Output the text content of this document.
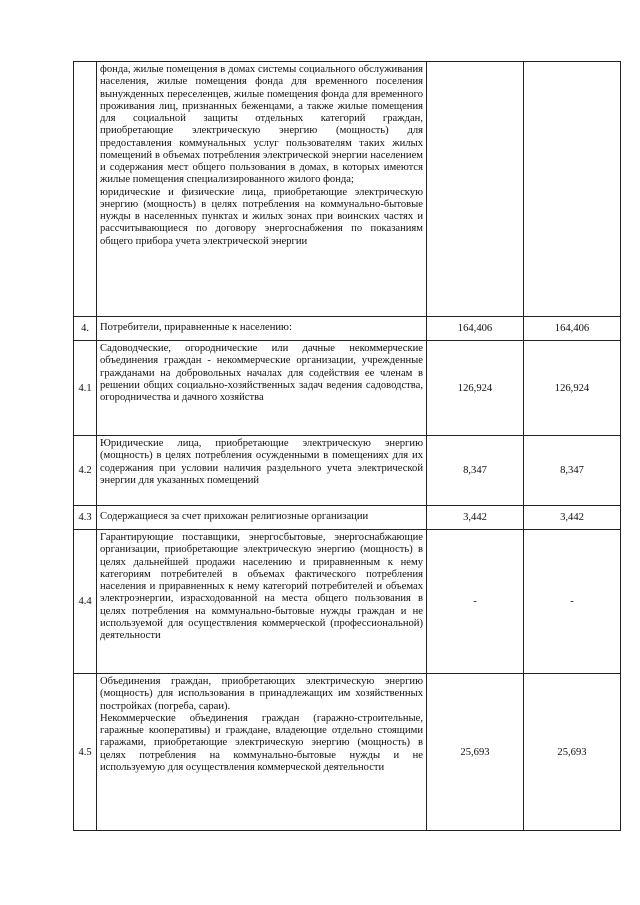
	фонда, жилые помещения в домах системы социального обслуживания населения, жилые помещения фонда для временного поселения вынужденных переселенцев, жилые помещения фонда для временного проживания лиц, признанных беженцами, а также жилые помещения для социальной защиты отдельных категорий граждан, приобретающие электрическую энергию (мощность) для предоставления коммунальных услуг пользователям таких жилых помещений в объемах потребления электрической энергии населением и содержания мест общего пользования в домах, в которых имеются жилые помещения специализированного жилого фонда;
юридические и физические лица, приобретающие электрическую энергию (мощность) в целях потребления на коммунально-бытовые нужды в населенных пунктах и жилых зонах при воинских частях и рассчитывающиеся по договору энергоснабжения по показаниям общего прибора учета электрической энергии		

4.	Потребители, приравненные к населению:	164,406	164,406
4.1	Садоводческие, огороднические или дачные некоммерческие объединения граждан - некоммерческие организации, учрежденные гражданами на добровольных началах для содействия ее членам в решении общих социально-хозяйственных задач ведения садоводства, огородничества и дачного хозяйства	126,924	126,924
4.2	Юридические лица, приобретающие электрическую энергию (мощность) в целях потребления осужденными в помещениях для их содержания при условии наличия раздельного учета электрической энергии для указанных помещений	8,347	8,347
4.3	Содержащиеся за счет прихожан религиозные организации	3,442	3,442
4.4	Гарантирующие поставщики, энергосбытовые, энергоснабжающие организации, приобретающие электрическую энергию (мощность) в целях дальнейшей продажи населению и приравненным к нему категориям потребителей в объемах фактического потребления населения и приравненных к нему категорий потребителей и объемах электроэнергии, израсходованной на места общего пользования в целях потребления на коммунально-бытовые нужды граждан и не используемой для осуществления коммерческой (профессиональной) деятельности	-	-
4.5	Объединения граждан, приобретающих электрическую энергию (мощность) для использования в принадлежащих им хозяйственных постройках (погреба, сараи).
Некоммерческие объединения граждан (гаражно-строительные, гаражные кооперативы) и граждане, владеющие отдельно стоящими гаражами, приобретающие электрическую энергию (мощность) в целях потребления на коммунально-бытовые нужды и не используемую для осуществления коммерческой деятельности	25,693	25,693
